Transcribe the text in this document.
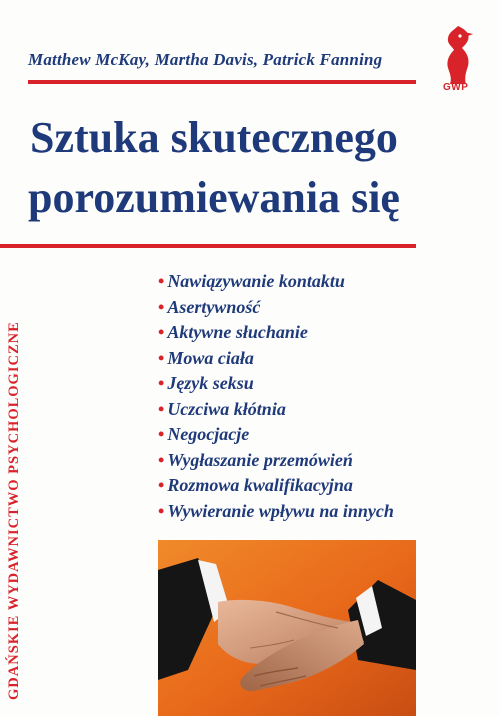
Matthew McKay, Martha Davis, Patrick Fanning
GWP
Sztuka skutecznego
porozumiewania się
GDAŃSKIE WYDAWNICTWO PSYCHOLOGICZNE
• Nawiązywanie kontaktu
• Asertywność
• Aktywne słuchanie
• Mowa ciała
• Język seksu
• Uczciwa kłótnia
• Negocjacje
• Wygłaszanie przemówień
• Rozmowa kwalifikacyjna
• Wywieranie wpływu na innych
